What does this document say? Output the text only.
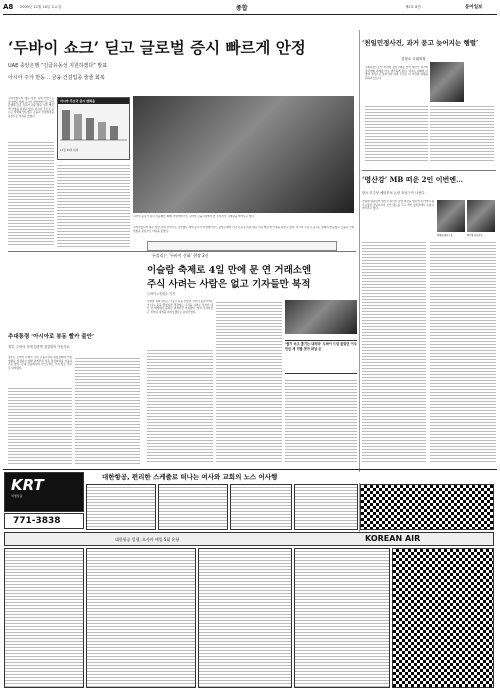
A8 2009년 12월 18일 토요일	종합	제2호 8면	동아일보
‘두바이 쇼크’ 딛고 글로벌 증시 빠르게 안정
UAE 중앙은행 “긴급유동성 지원하겠다” 발표
아시아 주가 반등… 금융·건설업종 줄줄 회복
아시아 주요국 증시 변화율
11월 26일 대비
두바이 증시가 폭락 사흘째인 30일 아랍에미리트 두바이 금융시장에서 한 투자자가 시세판을 바라보고 있다.
두바이월드의 채무 상환 유예 선언으로 급락했던 세계 증시가 아랍에미리트 중앙은행의 긴급 유동성 지원 발표 이후 빠르게 안정을 되찾고 있다. 아시아 주요국 증시는 일제히 반등했고 금융과 건설업종을 중심으로 낙폭을 줄였다.
두바이월드의 채무 상환 유예 선언으로 급락했던 세계 증시가 아랍에미리트 중앙은행의 긴급 유동성 지원 발표 이후 빠르게 안정을 되찾고 있다. 아시아 주요국 증시는 일제히 반등했고 금융과 건설업종을 중심으로 낙폭을 줄였다.
‘천일민정사건, 과거 묻고 늦어지는 행렬’
김형오 국회의장
국회의장으로서 마지막 정기국회를 맞아 예산안 처리와 정치개혁 과제를 다시 생각하게 된다. 여야는 대화와 타협의 정신으로 돌아가야 하며 국민은 더 이상의 파행을 원하지 않는다.
추대통령 ‘아시아로 봉동 빨카 불안’
정부, 두바이 사태 업종별 점검회의 가동키로
정부는 두바이 사태가 국내 금융시장과 실물경제에 미칠 영향을 점검하기 위해 관계부처 합동 점검회의를 가동하기로 했다. 국내 금융회사의 익스포저는 크지 않은 것으로 파악됐다.
돈풀리는 ‘두바이 신화’ 현장 2신
이슬람 축제로 4일 만에 문 연 거래소엔
주식 사려는 사람은 없고 기자들만 북적
두바이=정원수 기자
이슬람 축제 연휴로 나흘간 문을 닫았던 두바이 증권거래소가 다시 문을 열었지만 객장에는 주식을 사려는 투자자 대신 전 세계에서 몰려든 취재진만 가득했다. 현지 투자자들은 정부의 대책을 지켜보겠다는 분위기였다.
‘팔기 쏘고 쫓기는 내려라’ 두바이 드림 좇았던 이주민들 세 거팔 찾아 떠날 듯
‘영산강’ MB 떠운 2인 이번엔…
당시 민주당 예비후보 논란 호남구속 나섰다
박광태 광주시장	박준영 전남지사
이명박 대통령이 영산강 살리기 사업 현장을 방문한 자리에서 광주시장과 전남지사가 보인 태도를 두고 지역 정치권에서 논란이 이어지고 있다.
KRT
여행상품
771-3838
대한항공, 편리한 스케줄로 떠나는 여사와 교회의 노스 어사행
대한항공 일행, 오사카 매일 5회 운항	KOREAN AIR
